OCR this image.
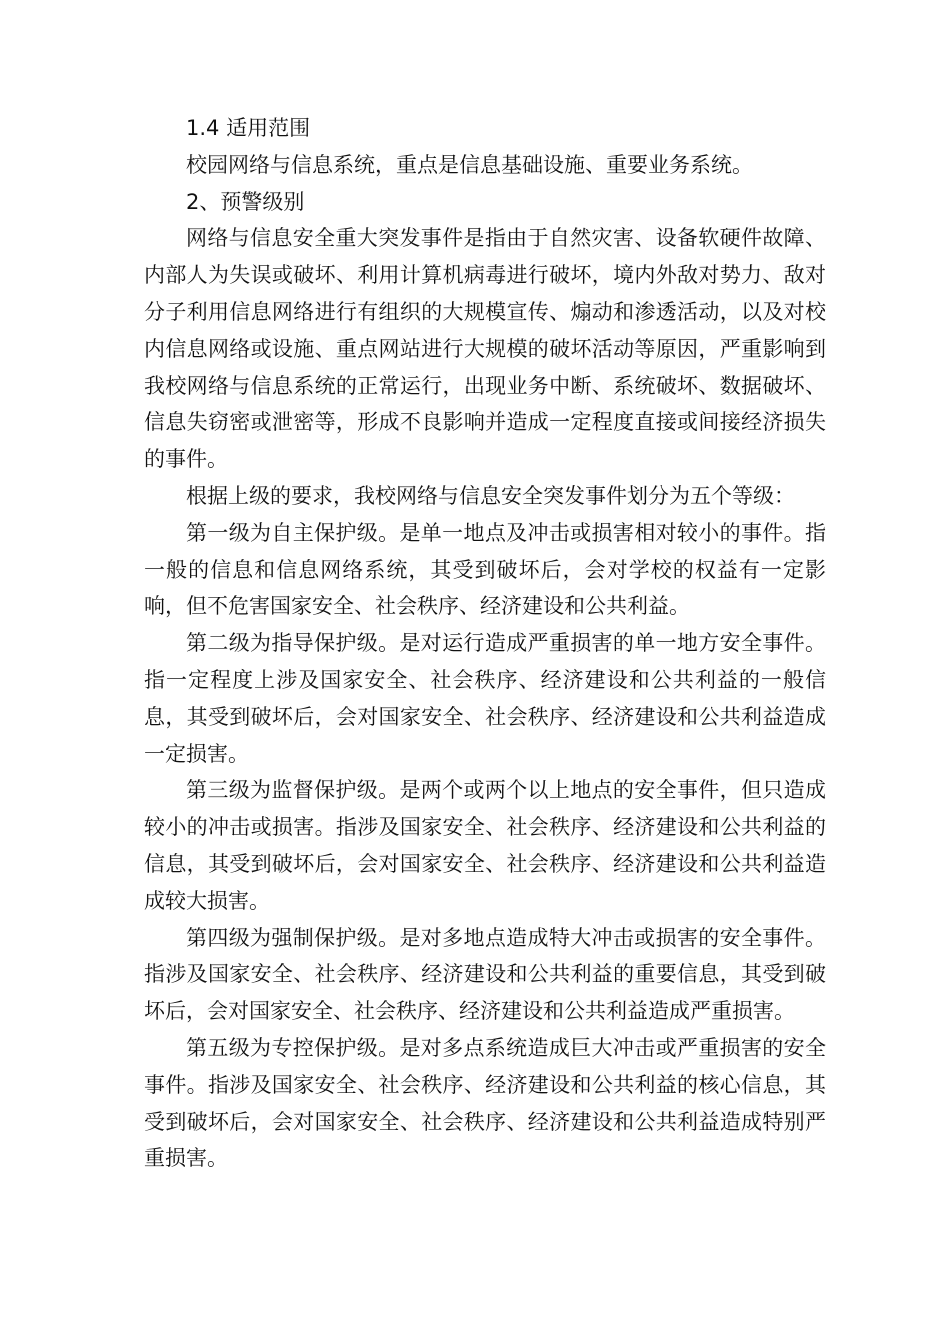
1.4 适用范围

校园网络与信息系统，重点是信息基础设施、重要业务系统。

2、预警级别

网络与信息安全重大突发事件是指由于自然灾害、设备软硬件故障、内部人为失误或破坏、利用计算机病毒进行破坏，境内外敌对势力、敌对分子利用信息网络进行有组织的大规模宣传、煽动和渗透活动，以及对校内信息网络或设施、重点网站进行大规模的破坏活动等原因，严重影响到我校网络与信息系统的正常运行，出现业务中断、系统破坏、数据破坏、信息失窃密或泄密等，形成不良影响并造成一定程度直接或间接经济损失的事件。

根据上级的要求，我校网络与信息安全突发事件划分为五个等级：

第一级为自主保护级。是单一地点及冲击或损害相对较小的事件。指一般的信息和信息网络系统，其受到破坏后，会对学校的权益有一定影响，但不危害国家安全、社会秩序、经济建设和公共利益。

第二级为指导保护级。是对运行造成严重损害的单一地方安全事件。指一定程度上涉及国家安全、社会秩序、经济建设和公共利益的一般信息，其受到破坏后，会对国家安全、社会秩序、经济建设和公共利益造成一定损害。

第三级为监督保护级。是两个或两个以上地点的安全事件，但只造成较小的冲击或损害。指涉及国家安全、社会秩序、经济建设和公共利益的信息，其受到破坏后，会对国家安全、社会秩序、经济建设和公共利益造成较大损害。

第四级为强制保护级。是对多地点造成特大冲击或损害的安全事件。指涉及国家安全、社会秩序、经济建设和公共利益的重要信息，其受到破坏后，会对国家安全、社会秩序、经济建设和公共利益造成严重损害。

第五级为专控保护级。是对多点系统造成巨大冲击或严重损害的安全事件。指涉及国家安全、社会秩序、经济建设和公共利益的核心信息，其受到破坏后，会对国家安全、社会秩序、经济建设和公共利益造成特别严重损害。
